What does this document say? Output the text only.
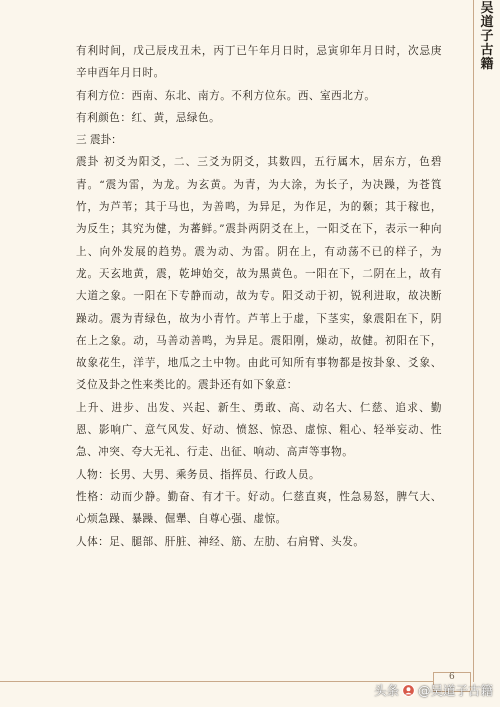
吴道子古籍

有利时间，戊己辰戌丑未，丙丁已午年月日时，忌寅卯年月日时，次忌庚辛申酉年月日时。

有利方位：西南、东北、南方。不利方位东。西、室西北方。

有利颜色：红、黄，忌绿色。

三 震卦：

震卦 初爻为阳爻，二、三爻为阴爻，其数四，五行属木，居东方，色碧青。“震为雷，为龙。为玄黄。为青，为大涂，为长子，为决躁，为苍筤竹，为芦苇；其于马也，为善鸣，为异足，为作足，为的颡；其于稼也，为反生；其究为健，为蕃鲜。”震卦两阴爻在上，一阳爻在下，表示一种向上、向外发展的趋势。震为动、为雷。阴在上，有动荡不已的样子，为龙。天玄地黄，震，乾坤始交，故为黑黄色。一阳在下，二阴在上，故有大道之象。一阳在下专静而动，故为专。阳爻动于初，锐利进取，故决断躁动。震为青绿色，故为小青竹。芦苇上于虚，下茎实，象震阳在下，阴在上之象。动，马善动善鸣，为异足。震阳刚，燥动，故健。初阳在下，故象花生，洋芋，地瓜之土中物。由此可知所有事物都是按卦象、爻象、爻位及卦之性来类比的。震卦还有如下象意：

上升、进步、出发、兴起、新生、勇敢、高、动名大、仁慈、追求、勤恩、影响广、意气风发、好动、愤怒、惊恐、虚惊、粗心、轻举妄动、性急、冲突、夸大无礼、行走、出征、响动、高声等事物。

人物：长男、大男、乘务员、指挥员、行政人员。

性格：动而少静。勤奋、有才干。好动。仁慈直爽，性急易怒，脾气大、心烦急躁、暴躁、倔犟、自尊心强、虚惊。

人体：足、腿部、肝脏、神经、筋、左肋、右肩臂、头发。

6
头条 @吴道子古籍
